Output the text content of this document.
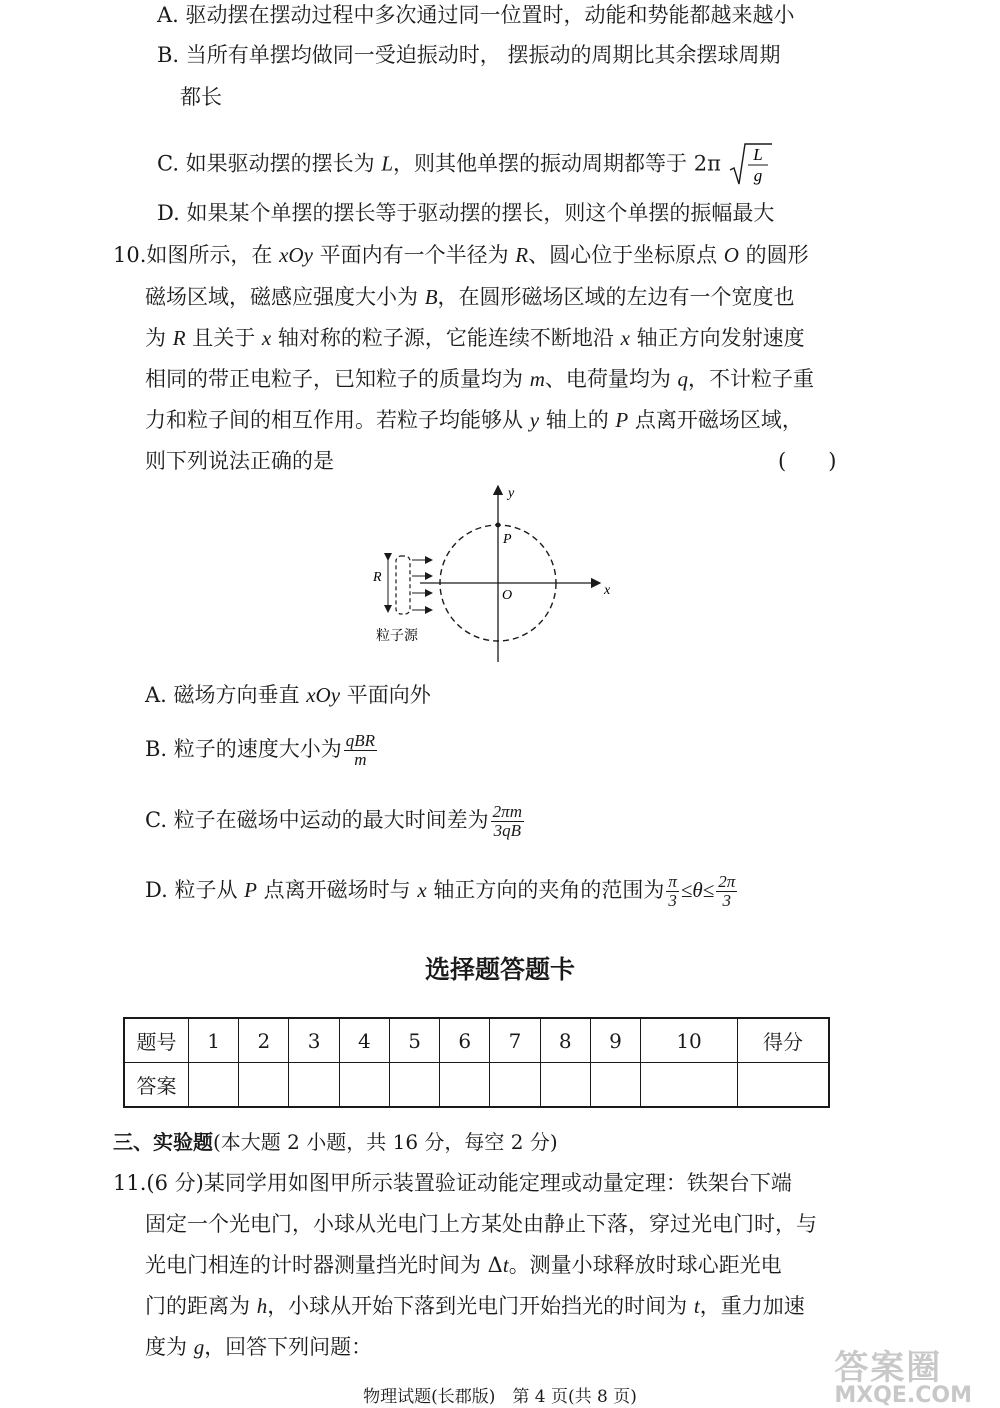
A. 驱动摆在摆动过程中多次通过同一位置时，动能和势能都越来越小
B. 当所有单摆均做同一受迫振动时， 摆振动的周期比其余摆球周期
都长
C. 如果驱动摆的摆长为 L，则其他单摆的振动周期都等于 2π L
g
D. 如果某个单摆的摆长等于驱动摆的摆长，则这个单摆的振幅最大
10.如图所示，在 xOy 平面内有一个半径为 R、圆心位于坐标原点 O 的圆形
磁场区域，磁感应强度大小为 B，在圆形磁场区域的左边有一个宽度也
为 R 且关于 x 轴对称的粒子源，它能连续不断地沿 x 轴正方向发射速度
相同的带正电粒子，已知粒子的质量均为 m、电荷量均为 q，不计粒子重
力和粒子间的相互作用。若粒子均能够从 y 轴上的 P 点离开磁场区域，
则下列说法正确的是	(　　)
y
P
O	x
R
粒子源
A. 磁场方向垂直 xOy 平面向外
B. 粒子的速度大小为 $\frac{\text{qBR}}{m}$
C. 粒子在磁场中运动的最大时间差为 $\frac{2\pi m}{3qB}$
D. 粒子从 P 点离开磁场时与 x 轴正方向的夹角的范围为 $\frac{\pi}{3} \le\theta\le \frac{2\pi}{3}$
选择题答题卡
题号	1	2	3	4	5	6	7	8	9	10	得分
答案											
三、实验题(本大题 2 小题，共 16 分，每空 2 分)
11.(6 分)某同学用如图甲所示装置验证动能定理或动量定理：铁架台下端
固定一个光电门，小球从光电门上方某处由静止下落，穿过光电门时，与
光电门相连的计时器测量挡光时间为 Δt。测量小球释放时球心距光电
门的距离为 h，小球从开始下落到光电门开始挡光的时间为 t，重力加速
度为 g，回答下列问题：
答案圈
MXQE.COM
物理试题(长郡版)　第 4 页(共 8 页)
